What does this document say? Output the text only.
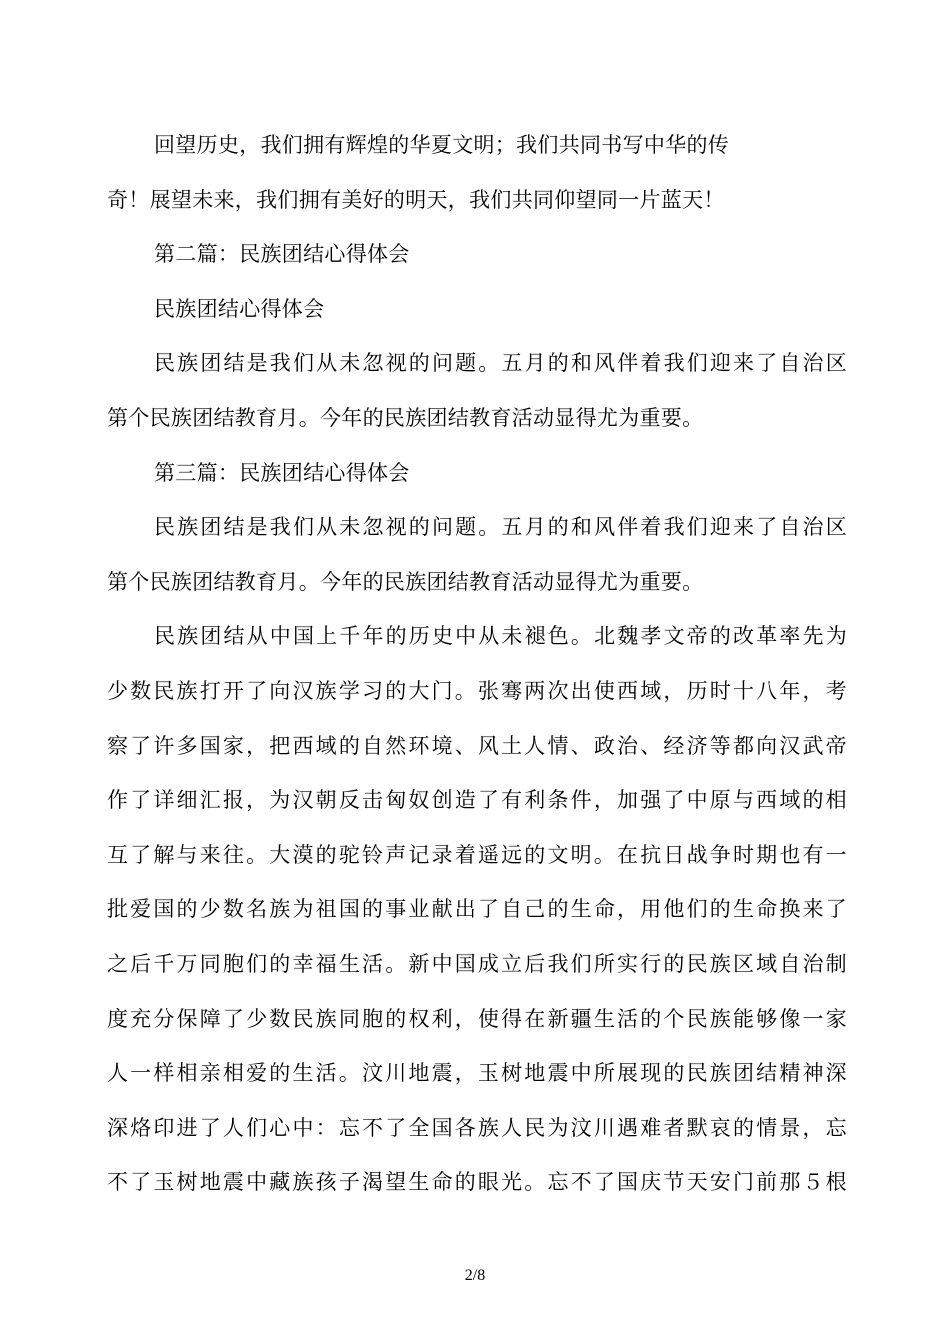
回望历史，我们拥有辉煌的华夏文明；我们共同书写中华的传
奇！展望未来，我们拥有美好的明天，我们共同仰望同一片蓝天！
第二篇：民族团结心得体会
民族团结心得体会
民族团结是我们从未忽视的问题。五月的和风伴着我们迎来了自治区
第个民族团结教育月。今年的民族团结教育活动显得尤为重要。
第三篇：民族团结心得体会
民族团结是我们从未忽视的问题。五月的和风伴着我们迎来了自治区
第个民族团结教育月。今年的民族团结教育活动显得尤为重要。
民族团结从中国上千年的历史中从未褪色。北魏孝文帝的改革率先为
少数民族打开了向汉族学习的大门。张骞两次出使西域，历时十八年，考
察了许多国家，把西域的自然环境、风土人情、政治、经济等都向汉武帝
作了详细汇报，为汉朝反击匈奴创造了有利条件，加强了中原与西域的相
互了解与来往。大漠的驼铃声记录着遥远的文明。在抗日战争时期也有一
批爱国的少数名族为祖国的事业献出了自己的生命，用他们的生命换来了
之后千万同胞们的幸福生活。新中国成立后我们所实行的民族区域自治制
度充分保障了少数民族同胞的权利，使得在新疆生活的个民族能够像一家
人一样相亲相爱的生活。汶川地震，玉树地震中所展现的民族团结精神深
深烙印进了人们心中：忘不了全国各族人民为汶川遇难者默哀的情景，忘
不了玉树地震中藏族孩子渴望生命的眼光。忘不了国庆节天安门前那５根
2/8
